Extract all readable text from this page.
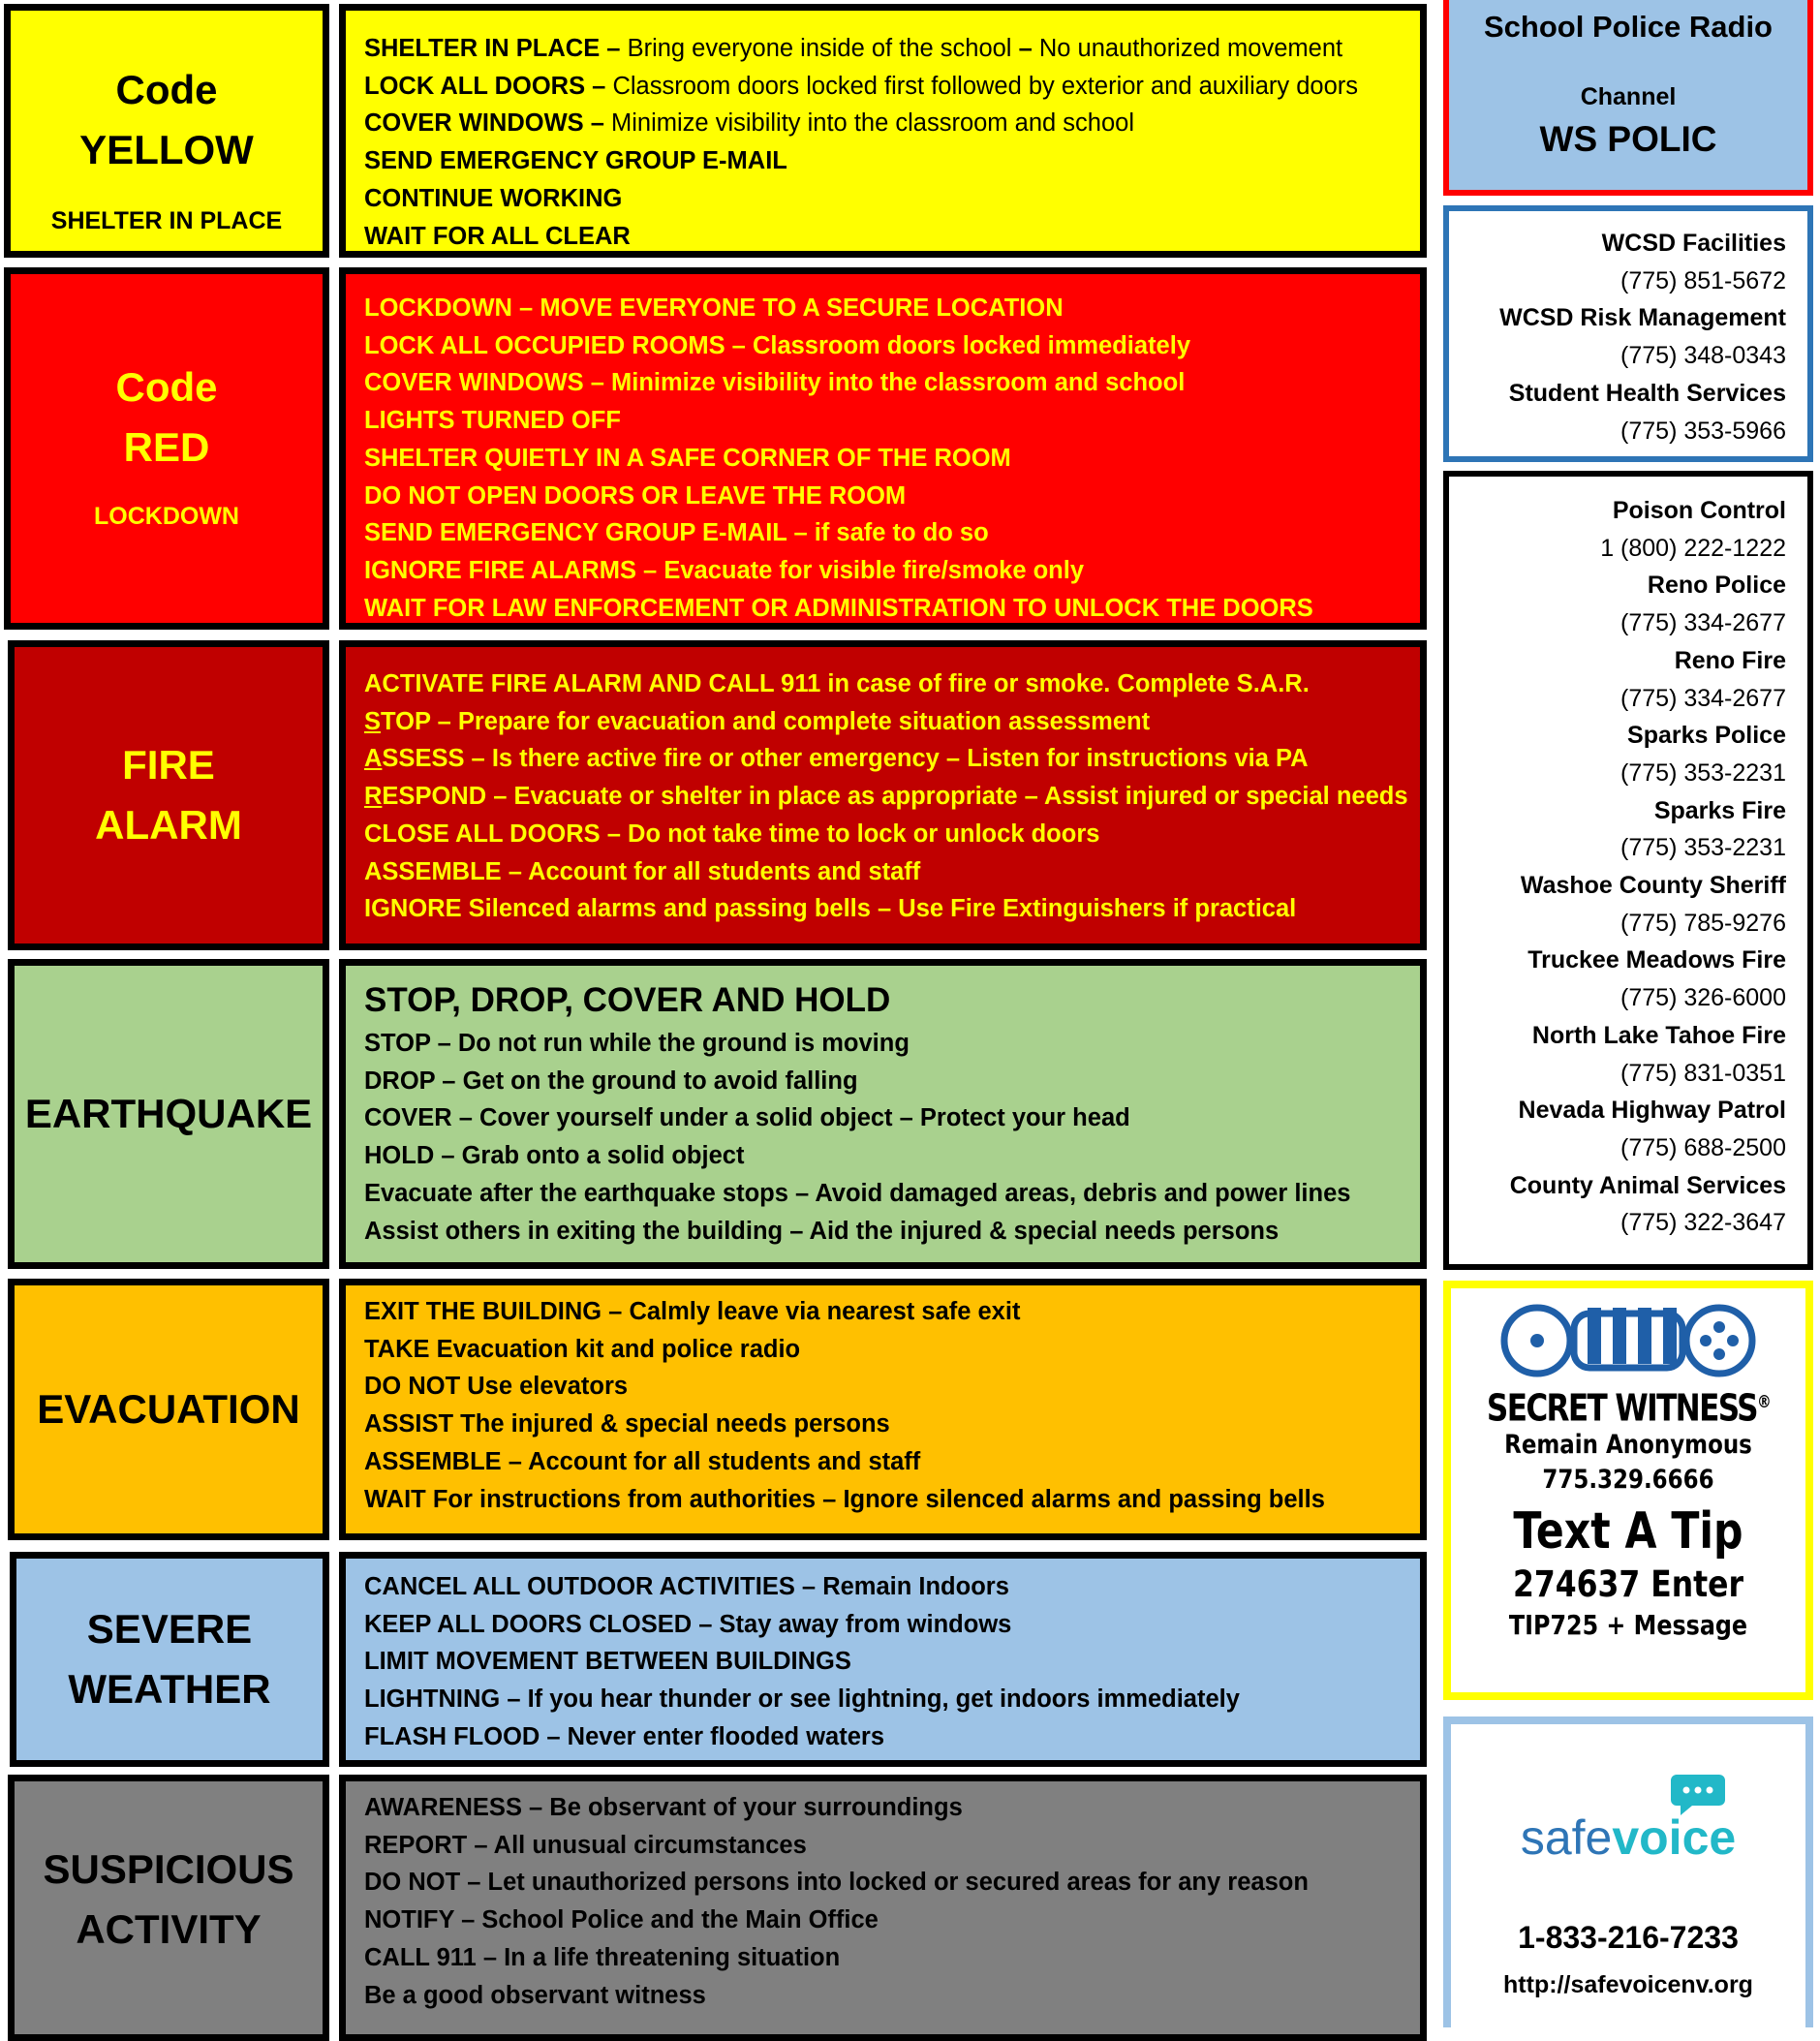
Code
YELLOW
SHELTER IN PLACE
SHELTER IN PLACE – Bring everyone inside of the school – No unauthorized movement
LOCK ALL DOORS – Classroom doors locked first followed by exterior and auxiliary doors
COVER WINDOWS – Minimize visibility into the classroom and school
SEND EMERGENCY GROUP E-MAIL
CONTINUE WORKING
WAIT FOR ALL CLEAR
Code
RED
LOCKDOWN
LOCKDOWN – MOVE EVERYONE TO A SECURE LOCATION
LOCK ALL OCCUPIED ROOMS – Classroom doors locked immediately
COVER WINDOWS – Minimize visibility into the classroom and school
LIGHTS TURNED OFF
SHELTER QUIETLY IN A SAFE CORNER OF THE ROOM
DO NOT OPEN DOORS OR LEAVE THE ROOM
SEND EMERGENCY GROUP E-MAIL – if safe to do so
IGNORE FIRE ALARMS – Evacuate for visible fire/smoke only
WAIT FOR LAW ENFORCEMENT OR ADMINISTRATION TO UNLOCK THE DOORS
FIRE
ALARM
ACTIVATE FIRE ALARM AND CALL 911 in case of fire or smoke. Complete S.A.R.
STOP – Prepare for evacuation and complete situation assessment
ASSESS – Is there active fire or other emergency – Listen for instructions via PA
RESPOND – Evacuate or shelter in place as appropriate – Assist injured or special needs
CLOSE ALL DOORS – Do not take time to lock or unlock doors
ASSEMBLE – Account for all students and staff
IGNORE Silenced alarms and passing bells – Use Fire Extinguishers if practical
EARTHQUAKE
STOP, DROP, COVER AND HOLD
STOP – Do not run while the ground is moving
DROP – Get on the ground to avoid falling
COVER – Cover yourself under a solid object – Protect your head
HOLD – Grab onto a solid object
Evacuate after the earthquake stops – Avoid damaged areas, debris and power lines
Assist others in exiting the building – Aid the injured & special needs persons
EVACUATION
EXIT THE BUILDING – Calmly leave via nearest safe exit
TAKE Evacuation kit and police radio
DO NOT Use elevators
ASSIST The injured & special needs persons
ASSEMBLE – Account for all students and staff
WAIT For instructions from authorities – Ignore silenced alarms and passing bells
SEVERE
WEATHER
CANCEL ALL OUTDOOR ACTIVITIES – Remain Indoors
KEEP ALL DOORS CLOSED – Stay away from windows
LIMIT MOVEMENT BETWEEN BUILDINGS
LIGHTNING – If you hear thunder or see lightning, get indoors immediately
FLASH FLOOD – Never enter flooded waters
SUSPICIOUS
ACTIVITY
AWARENESS – Be observant of your surroundings
REPORT – All unusual circumstances
DO NOT – Let unauthorized persons into locked or secured areas for any reason
NOTIFY – School Police and the Main Office
CALL 911 – In a life threatening situation
Be a good observant witness
School Police Radio
Channel
WS POLIC
WCSD Facilities
(775) 851-5672
WCSD Risk Management
(775) 348-0343
Student Health Services
(775) 353-5966
Poison Control
1 (800) 222-1222
Reno Police
(775) 334-2677
Reno Fire
(775) 334-2677
Sparks Police
(775) 353-2231
Sparks Fire
(775) 353-2231
Washoe County Sheriff
(775) 785-9276
Truckee Meadows Fire
(775) 326-6000
North Lake Tahoe Fire
(775) 831-0351
Nevada Highway Patrol
(775) 688-2500
County Animal Services
(775) 322-3647
SECRET WITNESS®
Remain Anonymous
775.329.6666
Text A Tip
274637 Enter
TIP725 + Message
safevoice
1-833-216-7233
http://safevoicenv.org
